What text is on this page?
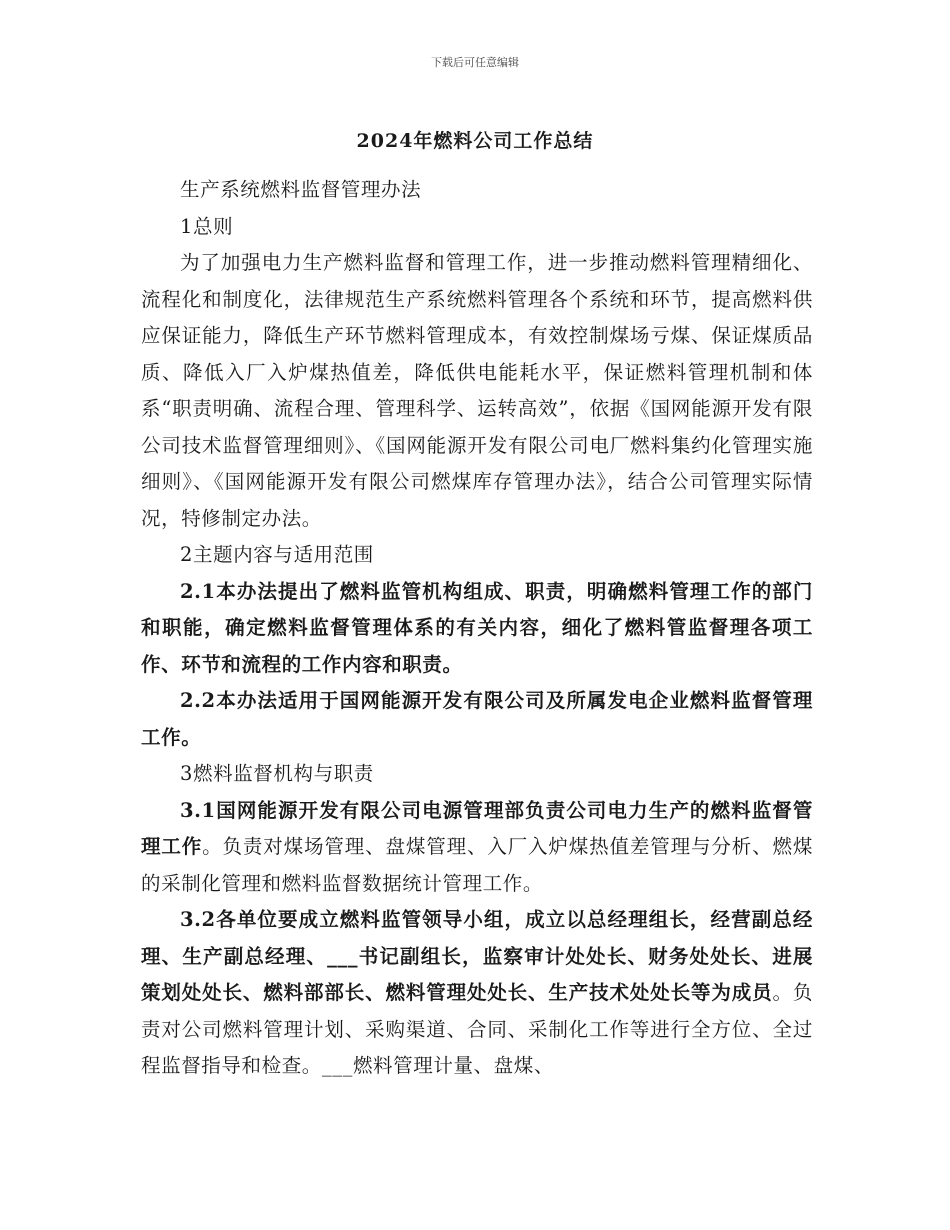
下载后可任意编辑
2024年燃料公司工作总结

生产系统燃料监督管理办法

1总则

为了加强电力生产燃料监督和管理工作，进一步推动燃料管理精细化、流程化和制度化，法律规范生产系统燃料管理各个系统和环节，提高燃料供应保证能力，降低生产环节燃料管理成本，有效控制煤场亏煤、保证煤质品质、降低入厂入炉煤热值差，降低供电能耗水平，保证燃料管理机制和体系“职责明确、流程合理、管理科学、运转高效”，依据《国网能源开发有限公司技术监督管理细则》、《国网能源开发有限公司电厂燃料集约化管理实施细则》、《国网能源开发有限公司燃煤库存管理办法》，结合公司管理实际情况，特修制定办法。

2主题内容与适用范围

2.1本办法提出了燃料监管机构组成、职责，明确燃料管理工作的部门和职能，确定燃料监督管理体系的有关内容，细化了燃料管监督理各项工作、环节和流程的工作内容和职责。

2.2本办法适用于国网能源开发有限公司及所属发电企业燃料监督管理工作。

3燃料监督机构与职责

3.1国网能源开发有限公司电源管理部负责公司电力生产的燃料监督管理工作。负责对煤场管理、盘煤管理、入厂入炉煤热值差管理与分析、燃煤的采制化管理和燃料监督数据统计管理工作。

3.2各单位要成立燃料监管领导小组，成立以总经理组长，经营副总经理、生产副总经理、___书记副组长，监察审计处处长、财务处处长、进展策划处处长、燃料部部长、燃料管理处处长、生产技术处处长等为成员。负责对公司燃料管理计划、采购渠道、合同、采制化工作等进行全方位、全过程监督指导和检查。___燃料管理计量、盘煤、
